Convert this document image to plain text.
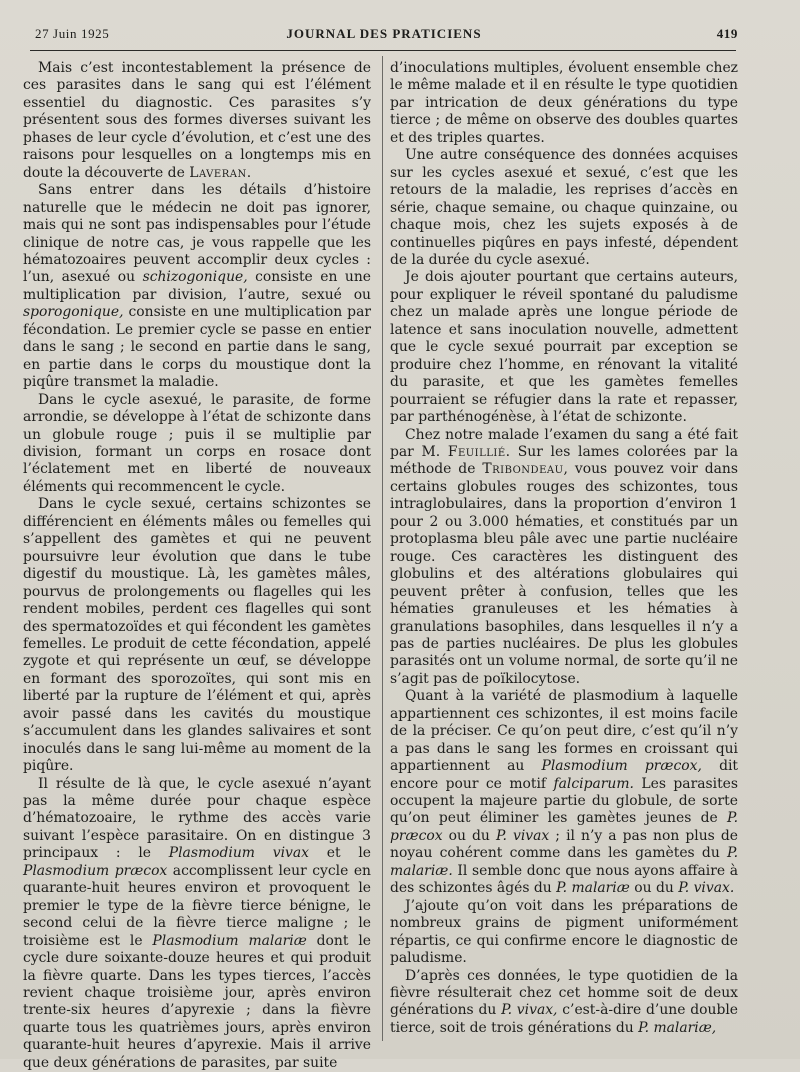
27 Juin 1925	JOURNAL DES PRATICIENS	419

Mais c’est incontestablement la présence de ces parasites dans le sang qui est l’élément essentiel du diagnostic. Ces parasites s’y présentent sous des formes diverses suivant les phases de leur cycle d’évolution, et c’est une des raisons pour lesquelles on a longtemps mis en doute la découverte de Laveran.

Sans entrer dans les détails d’histoire naturelle que le médecin ne doit pas ignorer, mais qui ne sont pas indispensables pour l’étude clinique de notre cas, je vous rappelle que les hématozoaires peuvent accomplir deux cycles : l’un, asexué ou schizogonique, consiste en une multiplication par division, l’autre, sexué ou sporogonique, consiste en une multiplication par fécondation. Le premier cycle se passe en entier dans le sang ; le second en partie dans le sang, en partie dans le corps du moustique dont la piqûre transmet la maladie.

Dans le cycle asexué, le parasite, de forme arrondie, se développe à l’état de schizonte dans un globule rouge ; puis il se multiplie par division, formant un corps en rosace dont l’éclatement met en liberté de nouveaux éléments qui recommencent le cycle.

Dans le cycle sexué, certains schizontes se différencient en éléments mâles ou femelles qui s’appellent des gamètes et qui ne peuvent poursuivre leur évolution que dans le tube digestif du moustique. Là, les gamètes mâles, pourvus de prolongements ou flagelles qui les rendent mobiles, perdent ces flagelles qui sont des spermatozoïdes et qui fécondent les gamètes femelles. Le produit de cette fécondation, appelé zygote et qui représente un œuf, se développe en formant des sporozoïtes, qui sont mis en liberté par la rupture de l’élément et qui, après avoir passé dans les cavités du moustique s’accumulent dans les glandes salivaires et sont inoculés dans le sang lui-même au moment de la piqûre.

Il résulte de là que, le cycle asexué n’ayant pas la même durée pour chaque espèce d’hématozoaire, le rythme des accès varie suivant l’espèce parasitaire. On en distingue 3 principaux : le Plasmodium vivax et le Plasmodium præcox accomplissent leur cycle en quarante-huit heures environ et provoquent le premier le type de la fièvre tierce bénigne, le second celui de la fièvre tierce maligne ; le troisième est le Plasmodium malariæ dont le cycle dure soixante-douze heures et qui produit la fièvre quarte. Dans les types tierces, l’accès revient chaque troisième jour, après environ trente-six heures d’apyrexie ; dans la fièvre quarte tous les quatrièmes jours, après environ quarante-huit heures d’apyrexie. Mais il arrive que deux générations de parasites, par suite

d’inoculations multiples, évoluent ensemble chez le même malade et il en résulte le type quotidien par intrication de deux générations du type tierce ; de même on observe des doubles quartes et des triples quartes.

Une autre conséquence des données acquises sur les cycles asexué et sexué, c’est que les retours de la maladie, les reprises d’accès en série, chaque semaine, ou chaque quinzaine, ou chaque mois, chez les sujets exposés à de continuelles piqûres en pays infesté, dépendent de la durée du cycle asexué.

Je dois ajouter pourtant que certains auteurs, pour expliquer le réveil spontané du paludisme chez un malade après une longue période de latence et sans inoculation nouvelle, admettent que le cycle sexué pourrait par exception se produire chez l’homme, en rénovant la vitalité du parasite, et que les gamètes femelles pourraient se réfugier dans la rate et repasser, par parthénogénèse, à l’état de schizonte.

Chez notre malade l’examen du sang a été fait par M. Feuillié. Sur les lames colorées par la méthode de Tribondeau, vous pouvez voir dans certains globules rouges des schizontes, tous intraglobulaires, dans la proportion d’environ 1 pour 2 ou 3.000 hématies, et constitués par un protoplasma bleu pâle avec une partie nucléaire rouge. Ces caractères les distinguent des globulins et des altérations globulaires qui peuvent prêter à confusion, telles que les hématies granuleuses et les hématies à granulations basophiles, dans lesquelles il n’y a pas de parties nucléaires. De plus les globules parasités ont un volume normal, de sorte qu’il ne s’agit pas de poïkilocytose.

Quant à la variété de plasmodium à laquelle appartiennent ces schizontes, il est moins facile de la préciser. Ce qu’on peut dire, c’est qu’il n’y a pas dans le sang les formes en croissant qui appartiennent au Plasmodium præcox, dit encore pour ce motif falciparum. Les parasites occupent la majeure partie du globule, de sorte qu’on peut éliminer les gamètes jeunes de P. præcox ou du P. vivax ; il n’y a pas non plus de noyau cohérent comme dans les gamètes du P. malariæ. Il semble donc que nous ayons affaire à des schizontes âgés du P. malariæ ou du P. vivax.

J’ajoute qu’on voit dans les préparations de nombreux grains de pigment uniformément répartis, ce qui confirme encore le diagnostic de paludisme.

D’après ces données, le type quotidien de la fièvre résulterait chez cet homme soit de deux générations du P. vivax, c’est-à-dire d’une double tierce, soit de trois générations du P. malariæ,
